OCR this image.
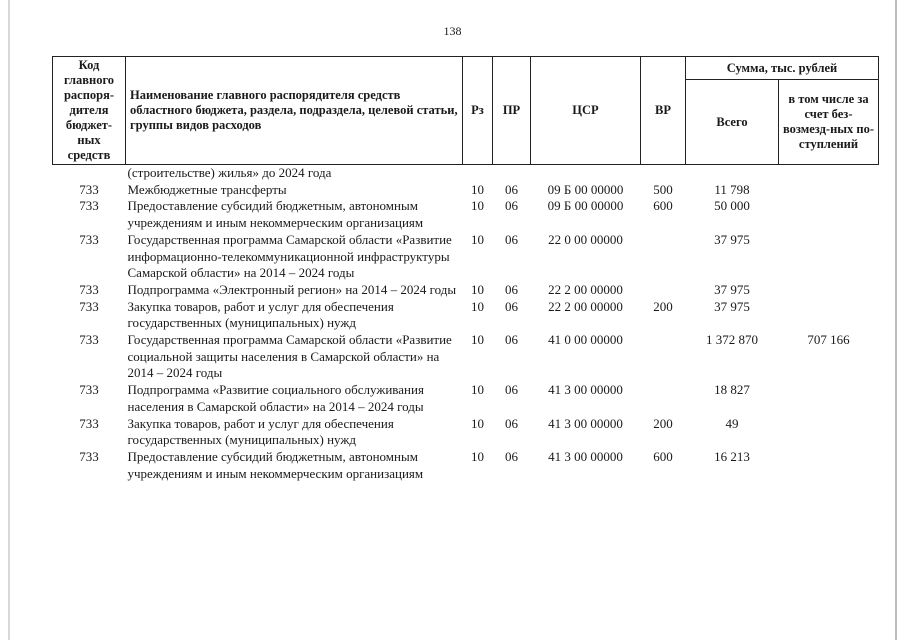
138
Код главного распоря-дителя бюджет-ных средств	Наименование главного распорядителя средств областного бюджета, раздела, подраздела, целевой статьи, группы видов расходов	Рз	ПР	ЦСР	ВР	Сумма, тыс. рублей	
						Всего	в том числе за счет без-возмезд-ных по-ступлений
	(строительстве) жилья» до 2024 года						
733	Межбюджетные трансферты	10	06	09 Б 00 00000	500	11 798	
733	Предоставление субсидий бюджетным, автономным учреждениям и иным некоммерческим организациям	10	06	09 Б 00 00000	600	50 000	
733	Государственная программа Самарской области «Развитие информационно-телекоммуникационной инфраструктуры Самарской области» на 2014 – 2024 годы	10	06	22 0 00 00000		37 975	
733	Подпрограмма «Электронный регион» на 2014 – 2024 годы	10	06	22 2 00 00000		37 975	
733	Закупка товаров, работ и услуг для обеспечения государственных (муниципальных) нужд	10	06	22 2 00 00000	200	37 975	
733	Государственная программа Самарской области «Развитие социальной защиты населения в Самарской области» на 2014 – 2024 годы	10	06	41 0 00 00000		1 372 870	707 166
733	Подпрограмма «Развитие социального обслуживания населения в Самарской области» на 2014 – 2024 годы	10	06	41 3 00 00000		18 827	
733	Закупка товаров, работ и услуг для обеспечения государственных (муниципальных) нужд	10	06	41 3 00 00000	200	49	
733	Предоставление субсидий бюджетным, автономным учреждениям и иным некоммерческим организациям	10	06	41 3 00 00000	600	16 213	
